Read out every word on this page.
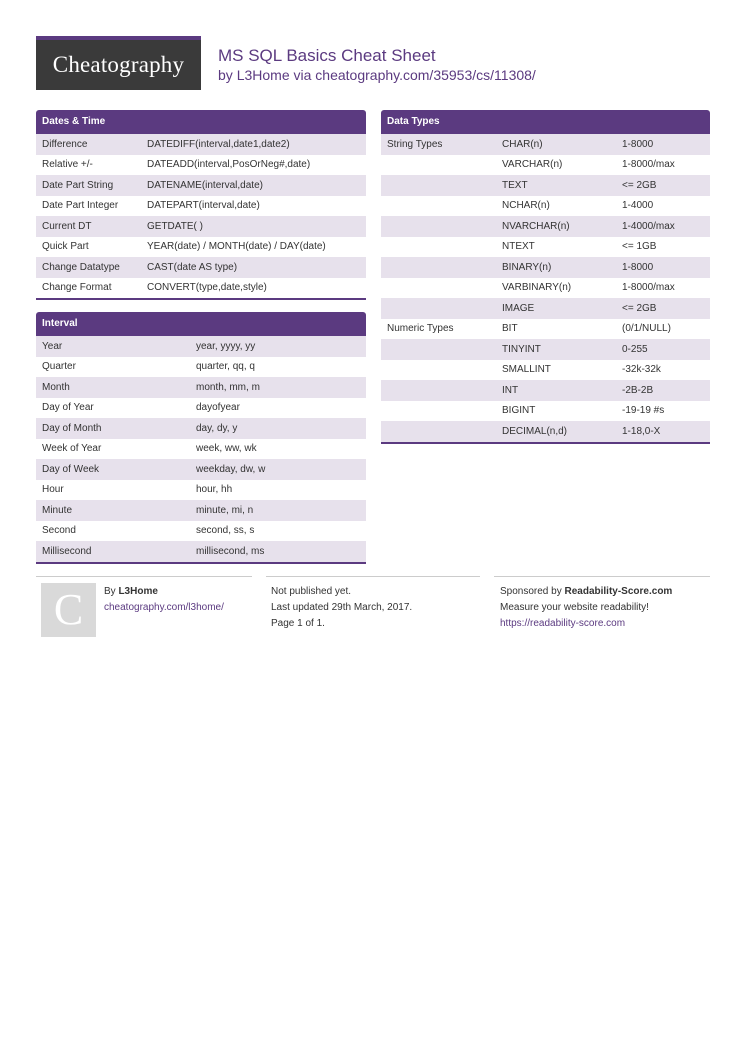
Cheatography	MS SQL Basics Cheat Sheet
by L3Home via cheatography.com/35953/cs/11308/
Dates & Time
Difference	DATEDIFF(interval,date1,date2)
Relative +/-	DATEADD(interval,PosOrNeg#,date)
Date Part String	DATENAME(interval,date)
Date Part Integer	DATEPART(interval,date)
Current DT	GETDATE( )
Quick Part	YEAR(date) / MONTH(date) / DAY(date)
Change Datatype	CAST(date AS type)
Change Format	CONVERT(type,date,style)
Interval
Year	year, yyyy, yy
Quarter	quarter, qq, q
Month	month, mm, m
Day of Year	dayofyear
Day of Month	day, dy, y
Week of Year	week, ww, wk
Day of Week	weekday, dw, w
Hour	hour, hh
Minute	minute, mi, n
Second	second, ss, s
Millisecond	millisecond, ms
Data Types
String Types	CHAR(n)	1-8000
VARCHAR(n)	1-8000/max
TEXT	<= 2GB
NCHAR(n)	1-4000
NVARCHAR(n)	1-4000/max
NTEXT	<= 1GB
BINARY(n)	1-8000
VARBINARY(n)	1-8000/max
IMAGE	<= 2GB
Numeric Types	BIT	(0/1/NULL)
TINYINT	0-255
SMALLINT	-32k-32k
INT	-2B-2B
BIGINT	-19-19 #s
DECIMAL(n,d)	1-18,0-X
C	By L3Home
cheatography.com/l3home/
Not published yet.
Last updated 29th March, 2017.
Page 1 of 1.
Sponsored by Readability-Score.com
Measure your website readability!
https://readability-score.com
